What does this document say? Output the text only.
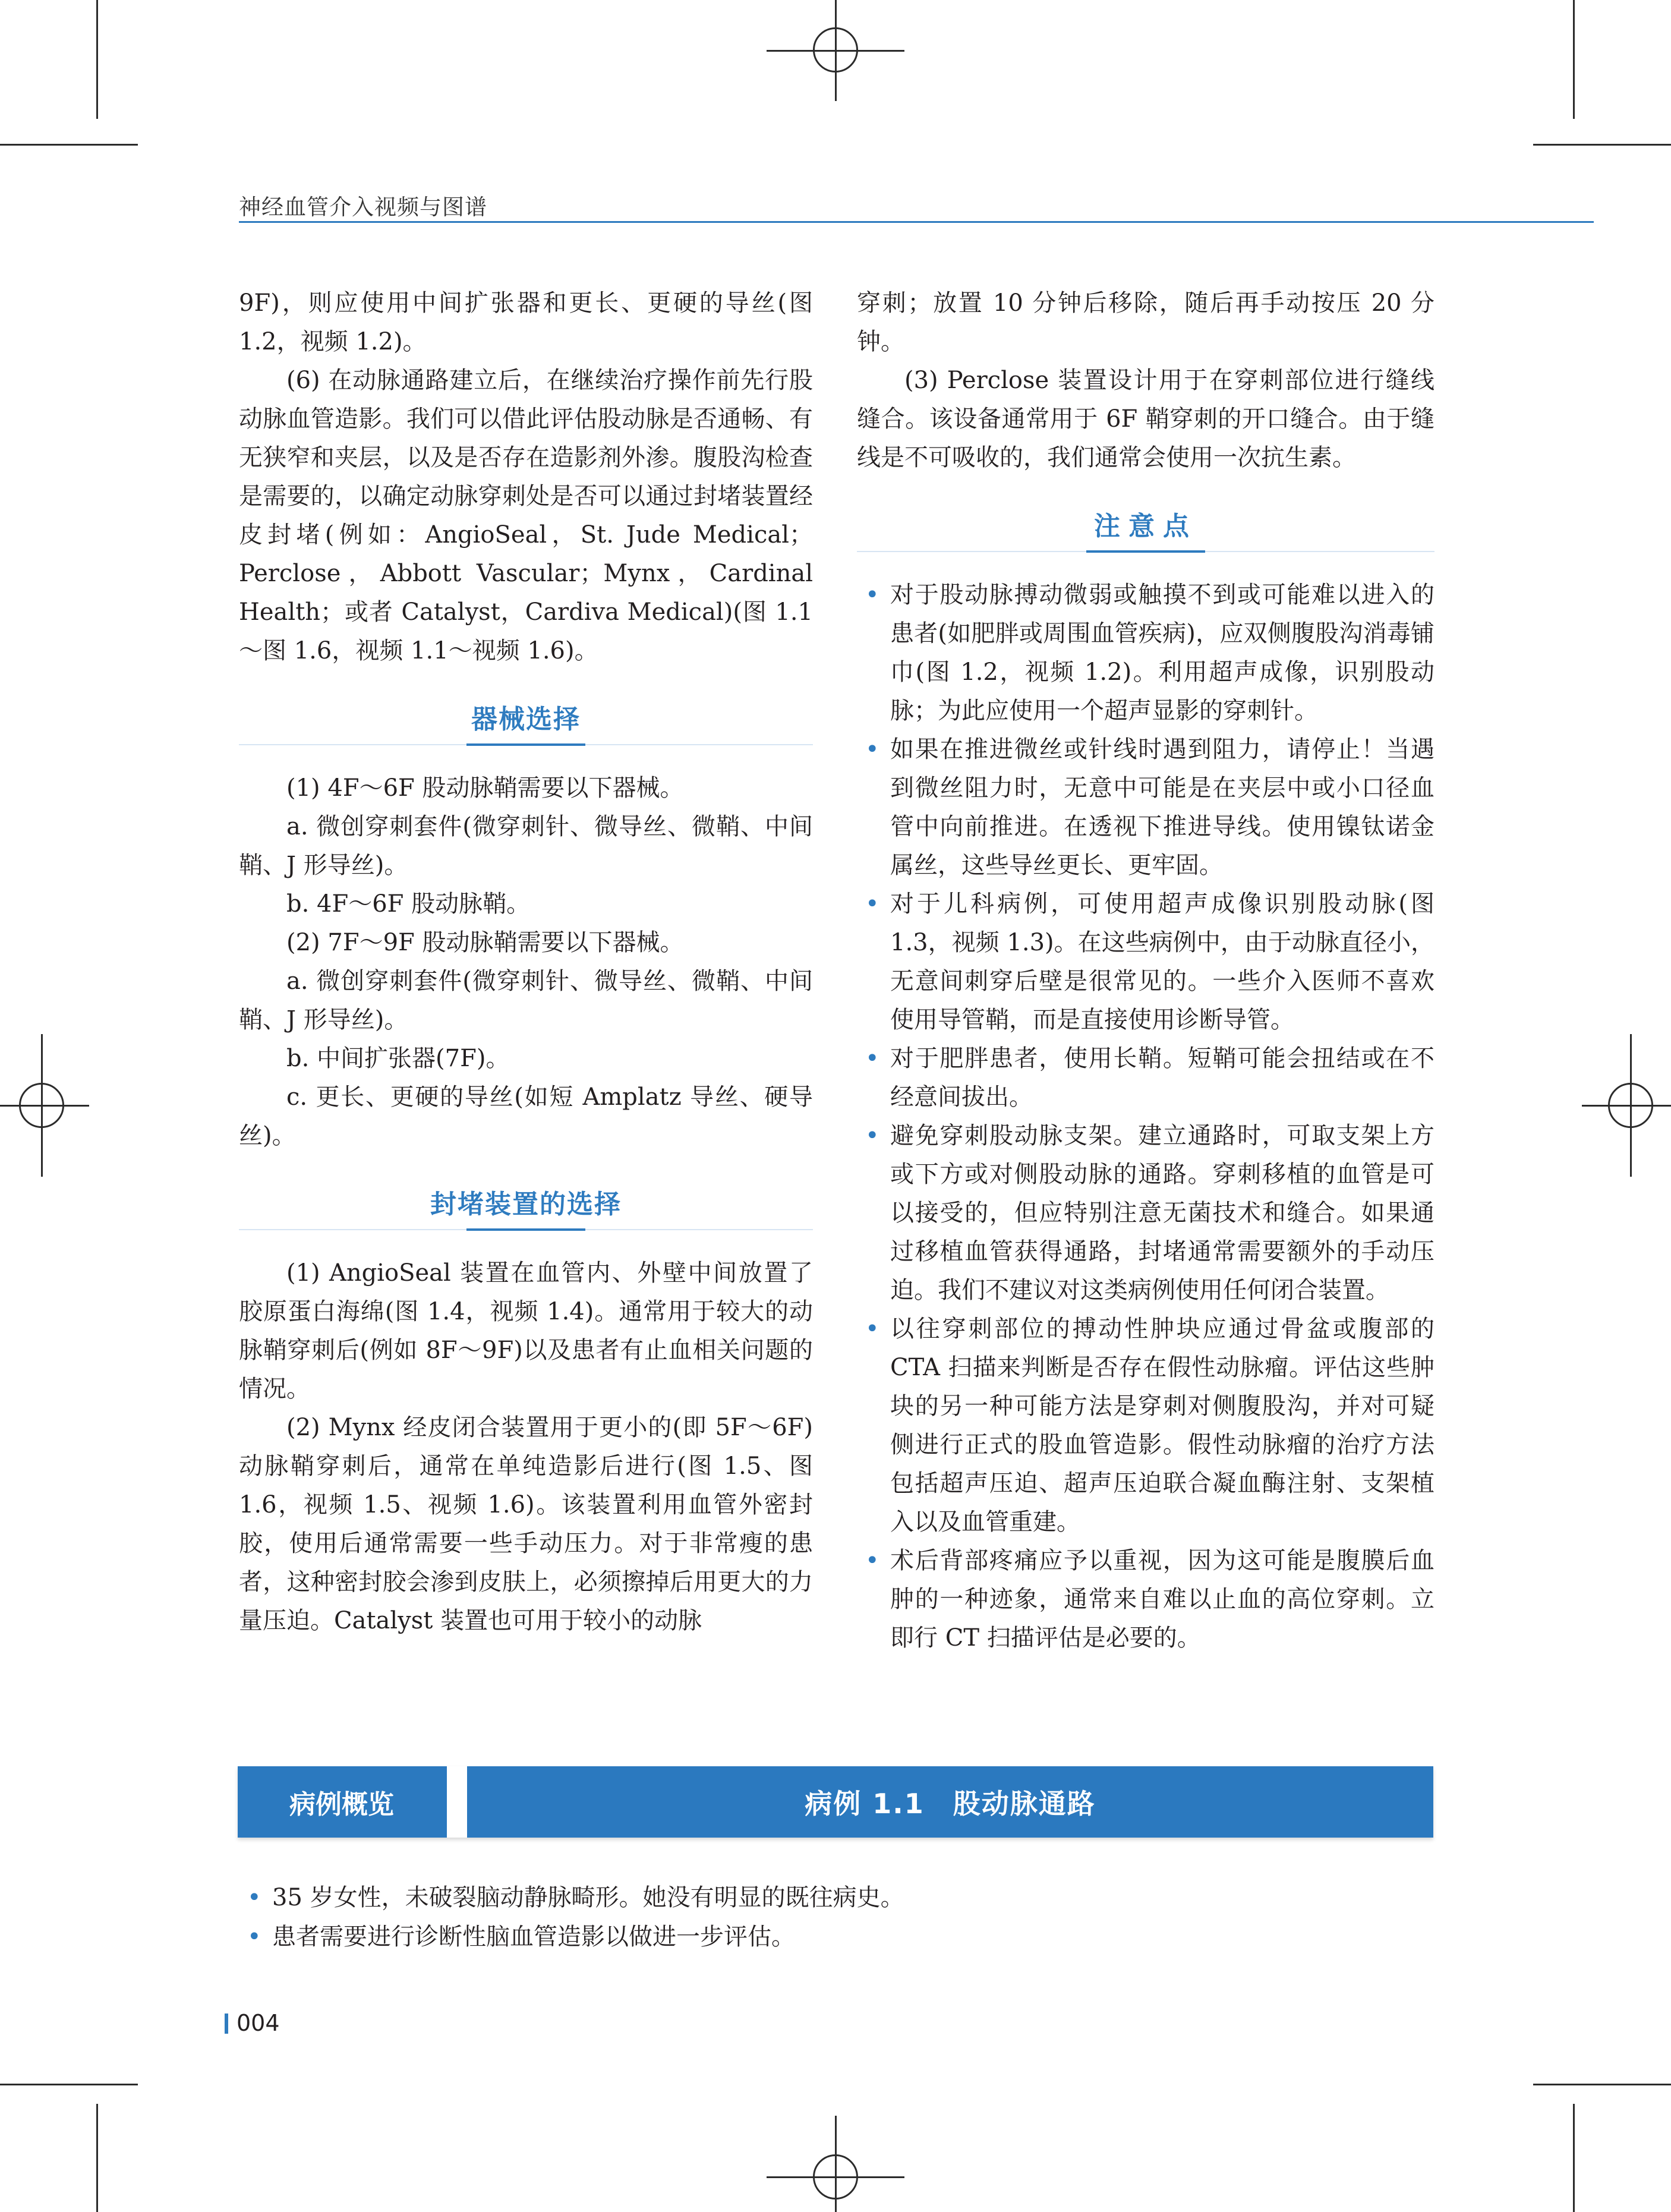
神经血管介入视频与图谱

9F)，则应使用中间扩张器和更长、更硬的导丝(图1.2，视频 1.2)。

(6) 在动脉通路建立后，在继续治疗操作前先行股动脉血管造影。我们可以借此评估股动脉是否通畅、有无狭窄和夹层，以及是否存在造影剂外渗。腹股沟检查是需要的，以确定动脉穿刺处是否可以通过封堵装置经皮封堵(例如：AngioSeal，St. Jude Medical；Perclose，Abbott Vascular；Mynx，Cardinal Health；或者 Catalyst，Cardiva Medical)(图 1.1～图 1.6，视频 1.1～视频 1.6)。

器械选择

(1) 4F～6F 股动脉鞘需要以下器械。

a. 微创穿刺套件(微穿刺针、微导丝、微鞘、中间鞘、J 形导丝)。

b. 4F～6F 股动脉鞘。

(2) 7F～9F 股动脉鞘需要以下器械。

a. 微创穿刺套件(微穿刺针、微导丝、微鞘、中间鞘、J 形导丝)。

b. 中间扩张器(7F)。

c. 更长、更硬的导丝(如短 Amplatz 导丝、硬导丝)。

封堵装置的选择

(1) AngioSeal 装置在血管内、外壁中间放置了胶原蛋白海绵(图 1.4，视频 1.4)。通常用于较大的动脉鞘穿刺后(例如 8F～9F)以及患者有止血相关问题的情况。

(2) Mynx 经皮闭合装置用于更小的(即 5F～6F)动脉鞘穿刺后，通常在单纯造影后进行(图 1.5、图 1.6，视频 1.5、视频 1.6)。该装置利用血管外密封胶，使用后通常需要一些手动压力。对于非常瘦的患者，这种密封胶会渗到皮肤上，必须擦掉后用更大的力量压迫。Catalyst 装置也可用于较小的动脉

穿刺；放置 10 分钟后移除，随后再手动按压 20 分钟。

(3) Perclose 装置设计用于在穿刺部位进行缝线缝合。该设备通常用于 6F 鞘穿刺的开口缝合。由于缝线是不可吸收的，我们通常会使用一次抗生素。

注意点
• 对于股动脉搏动微弱或触摸不到或可能难以进入的患者(如肥胖或周围血管疾病)，应双侧腹股沟消毒铺巾(图 1.2，视频 1.2)。利用超声成像，识别股动脉；为此应使用一个超声显影的穿刺针。
• 如果在推进微丝或针线时遇到阻力，请停止！当遇到微丝阻力时，无意中可能是在夹层中或小口径血管中向前推进。在透视下推进导线。使用镍钛诺金属丝，这些导丝更长、更牢固。
• 对于儿科病例，可使用超声成像识别股动脉(图 1.3，视频 1.3)。在这些病例中，由于动脉直径小，无意间刺穿后壁是很常见的。一些介入医师不喜欢使用导管鞘，而是直接使用诊断导管。
• 对于肥胖患者，使用长鞘。短鞘可能会扭结或在不经意间拔出。
• 避免穿刺股动脉支架。建立通路时，可取支架上方或下方或对侧股动脉的通路。穿刺移植的血管是可以接受的，但应特别注意无菌技术和缝合。如果通过移植血管获得通路，封堵通常需要额外的手动压迫。我们不建议对这类病例使用任何闭合装置。
• 以往穿刺部位的搏动性肿块应通过骨盆或腹部的 CTA 扫描来判断是否存在假性动脉瘤。评估这些肿块的另一种可能方法是穿刺对侧腹股沟，并对可疑侧进行正式的股血管造影。假性动脉瘤的治疗方法包括超声压迫、超声压迫联合凝血酶注射、支架植入以及血管重建。
• 术后背部疼痛应予以重视，因为这可能是腹膜后血肿的一种迹象，通常来自难以止血的高位穿刺。立即行 CT 扫描评估是必要的。
病例概览	病例 1.1　股动脉通路
• 35 岁女性，未破裂脑动静脉畸形。她没有明显的既往病史。
• 患者需要进行诊断性脑血管造影以做进一步评估。
004
